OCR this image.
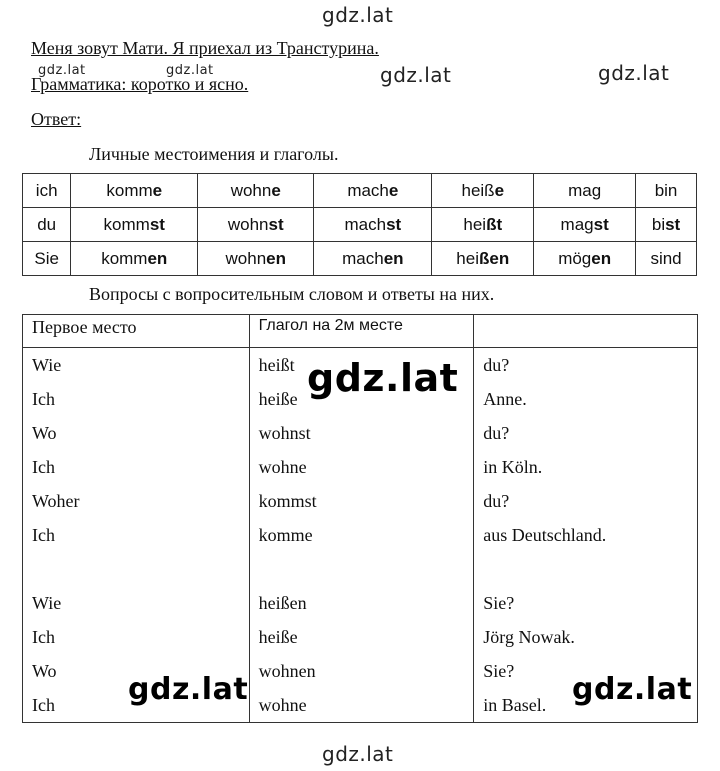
Меня зовут Мати. Я приехал из Транстурина.
Грамматика: коротко и ясно.
Ответ:
Личные местоимения и глаголы.
ich	komme	wohne	mache	heiße	mag	bin
du	kommst	wohnst	machst	heißt	magst	bist
Sie	kommen	wohnen	machen	heißen	mögen	sind
Вопросы с вопросительным словом и ответы на них.
Первое место	Глагол на 2м месте	
Wie	heißt	du?
Ich	heiße	Anne.
Wo	wohnst	du?
Ich	wohne	in Köln.
Woher	kommst	du?
Ich	komme	aus Deutschland.

Wie	heißen	Sie?
Ich	heiße	Jörg Nowak.
Wo	wohnen	Sie?
Ich	wohne	in Basel.
gdz.lat
gdz.lat	gdz.lat	gdz.lat	gdz.lat
gdz.lat
gdz.lat	gdz.lat
gdz.lat
